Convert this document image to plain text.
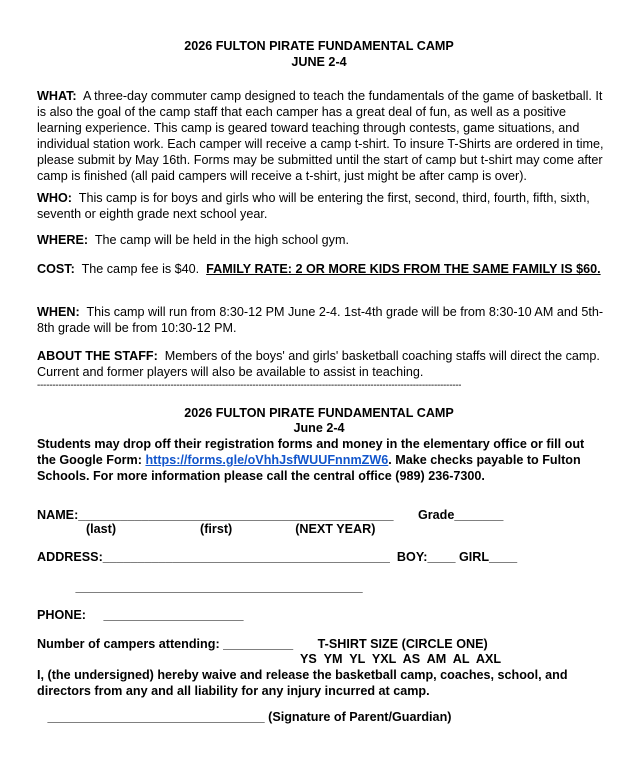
2026 FULTON PIRATE FUNDAMENTAL CAMP
JUNE 2-4
WHAT: A three-day commuter camp designed to teach the fundamentals of the game of basketball. It is also the goal of the camp staff that each camper has a great deal of fun, as well as a positive learning experience. This camp is geared toward teaching through contests, game situations, and individual station work. Each camper will receive a camp t-shirt. To insure T-Shirts are ordered in time, please submit by May 16th. Forms may be submitted until the start of camp but t-shirt may come after camp is finished (all paid campers will receive a t-shirt, just might be after camp is over).
WHO: This camp is for boys and girls who will be entering the first, second, third, fourth, fifth, sixth, seventh or eighth grade next school year.
WHERE: The camp will be held in the high school gym.
COST: The camp fee is $40. FAMILY RATE: 2 OR MORE KIDS FROM THE SAME FAMILY IS $60.
WHEN: This camp will run from 8:30-12 PM June 2-4. 1st-4th grade will be from 8:30-10 AM and 5th-8th grade will be from 10:30-12 PM.
ABOUT THE STAFF: Members of the boys' and girls' basketball coaching staffs will direct the camp. Current and former players will also be available to assist in teaching.
--------------------------------------------------------------------------------------------------------------------------------------------
2026 FULTON PIRATE FUNDAMENTAL CAMP
June 2-4
Students may drop off their registration forms and money in the elementary office or fill out the Google Form: https://forms.gle/oVhhJsfWUUFnnmZW6. Make checks payable to Fulton Schools. For more information please call the central office (989) 236-7300.
NAME:_____________________________________________       Grade_______
(last)                        (first)                  (NEXT YEAR)
ADDRESS:_________________________________________  BOY:____ GIRL____
_________________________________________
PHONE:     ____________________
Number of campers attending: __________       T-SHIRT SIZE (CIRCLE ONE)
YS  YM  YL  YXL  AS  AM  AL  AXL
I, (the undersigned) hereby waive and release the basketball camp, coaches, school, and directors from any and all liability for any injury incurred at camp.
_______________________________ (Signature of Parent/Guardian)
